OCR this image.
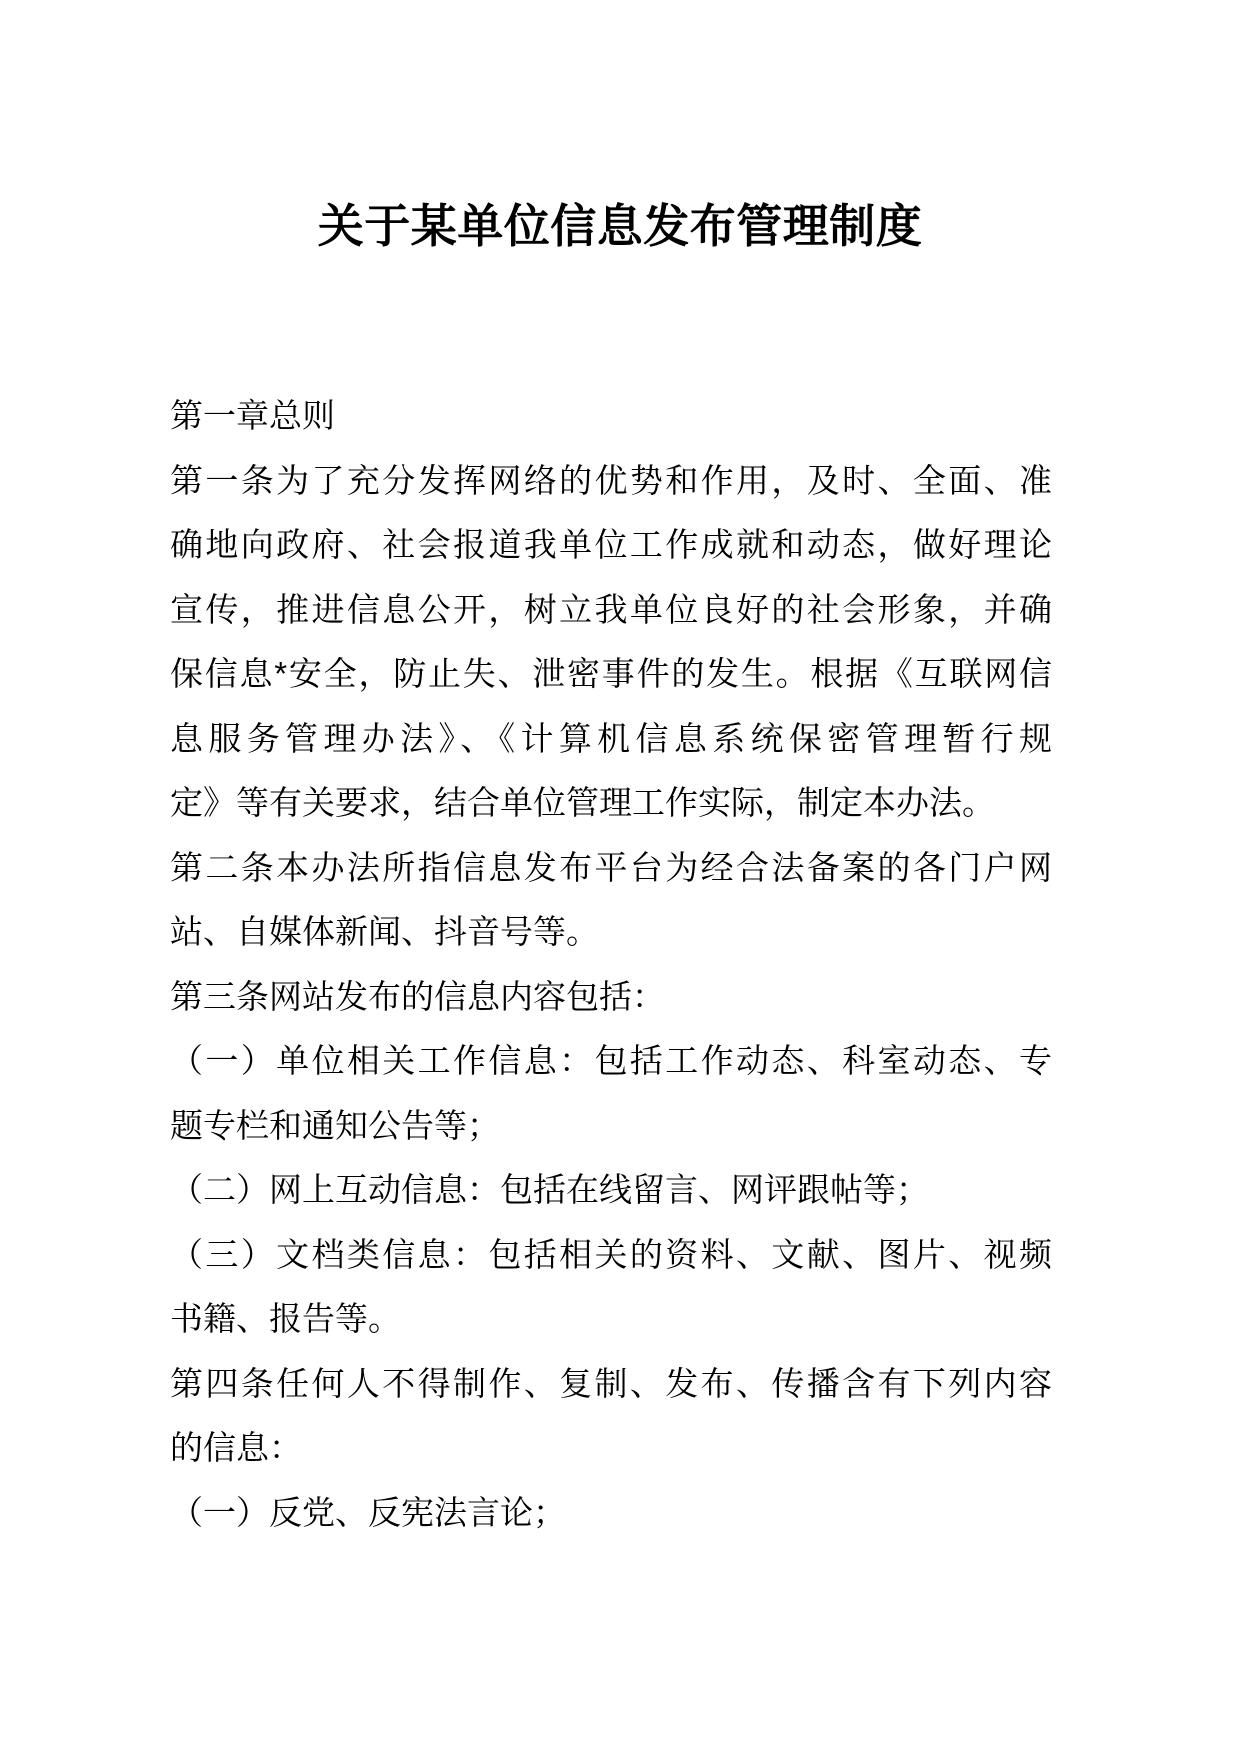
关于某单位信息发布管理制度
第一章总则
第一条为了充分发挥网络的优势和作用，及时、全面、准
确地向政府、社会报道我单位工作成就和动态，做好理论
宣传，推进信息公开，树立我单位良好的社会形象，并确
保信息*安全，防止失、泄密事件的发生。根据《互联网信
息服务管理办法》、《计算机信息系统保密管理暂行规
定》等有关要求，结合单位管理工作实际，制定本办法。
第二条本办法所指信息发布平台为经合法备案的各门户网
站、自媒体新闻、抖音号等。
第三条网站发布的信息内容包括：
（一）单位相关工作信息：包括工作动态、科室动态、专
题专栏和通知公告等；
（二）网上互动信息：包括在线留言、网评跟帖等；
（三）文档类信息：包括相关的资料、文献、图片、视频
书籍、报告等。
第四条任何人不得制作、复制、发布、传播含有下列内容
的信息：
（一）反党、反宪法言论；
